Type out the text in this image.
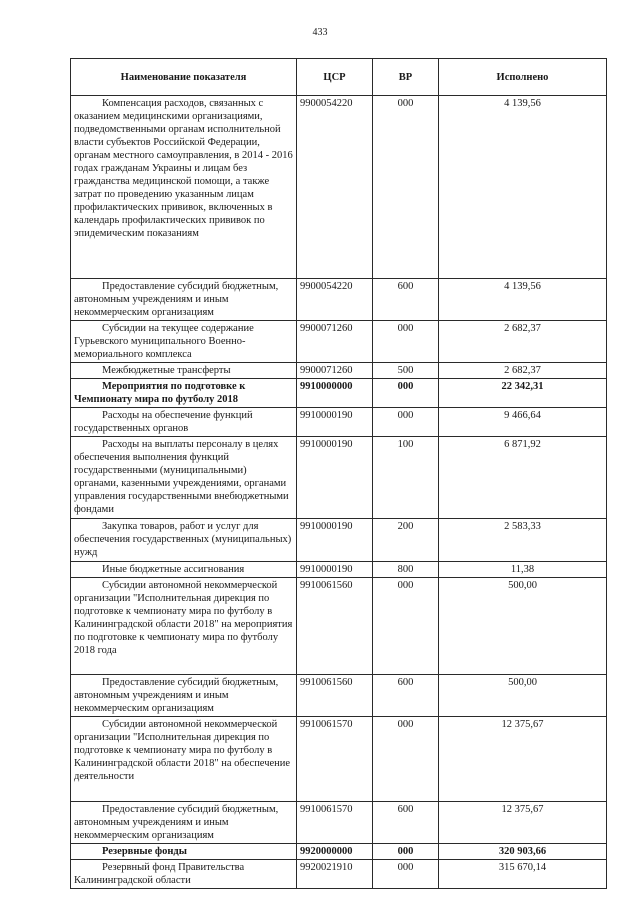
433
Наименование показателя	ЦСР	ВР	Исполнено
Компенсация расходов, связанных с оказанием медицинскими организациями, подведомственными органам исполнительной власти субъектов Российской Федерации, органам местного самоуправления, в 2014 - 2016 годах гражданам Украины и лицам без гражданства медицинской помощи, а также затрат по проведению указанным лицам профилактических прививок, включенных в календарь профилактических прививок по эпидемическим показаниям	9900054220	000	4 139,56
Предоставление субсидий бюджетным, автономным учреждениям и иным некоммерческим организациям	9900054220	600	4 139,56
Субсидии на текущее содержание Гурьевского муниципального Военно-мемориального комплекса	9900071260	000	2 682,37
Межбюджетные трансферты	9900071260	500	2 682,37
Мероприятия по подготовке к Чемпионату мира по футболу 2018	9910000000	000	22 342,31
Расходы на обеспечение функций государственных органов	9910000190	000	9 466,64
Расходы на выплаты персоналу в целях обеспечения выполнения функций государственными (муниципальными) органами, казенными учреждениями, органами управления государственными внебюджетными фондами	9910000190	100	6 871,92
Закупка товаров, работ и услуг для обеспечения государственных (муниципальных) нужд	9910000190	200	2 583,33
Иные бюджетные ассигнования	9910000190	800	11,38
Субсидии автономной некоммерческой организации "Исполнительная дирекция по подготовке к чемпионату мира по футболу в Калининградской области 2018" на мероприятия по подготовке к чемпионату мира по футболу 2018 года	9910061560	000	500,00
Предоставление субсидий бюджетным, автономным учреждениям и иным некоммерческим организациям	9910061560	600	500,00
Субсидии автономной некоммерческой организации "Исполнительная дирекция по подготовке к чемпионату мира по футболу в Калининградской области 2018" на обеспечение деятельности	9910061570	000	12 375,67
Предоставление субсидий бюджетным, автономным учреждениям и иным некоммерческим организациям	9910061570	600	12 375,67
Резервные фонды	9920000000	000	320 903,66
Резервный фонд Правительства Калининградской области	9920021910	000	315 670,14
